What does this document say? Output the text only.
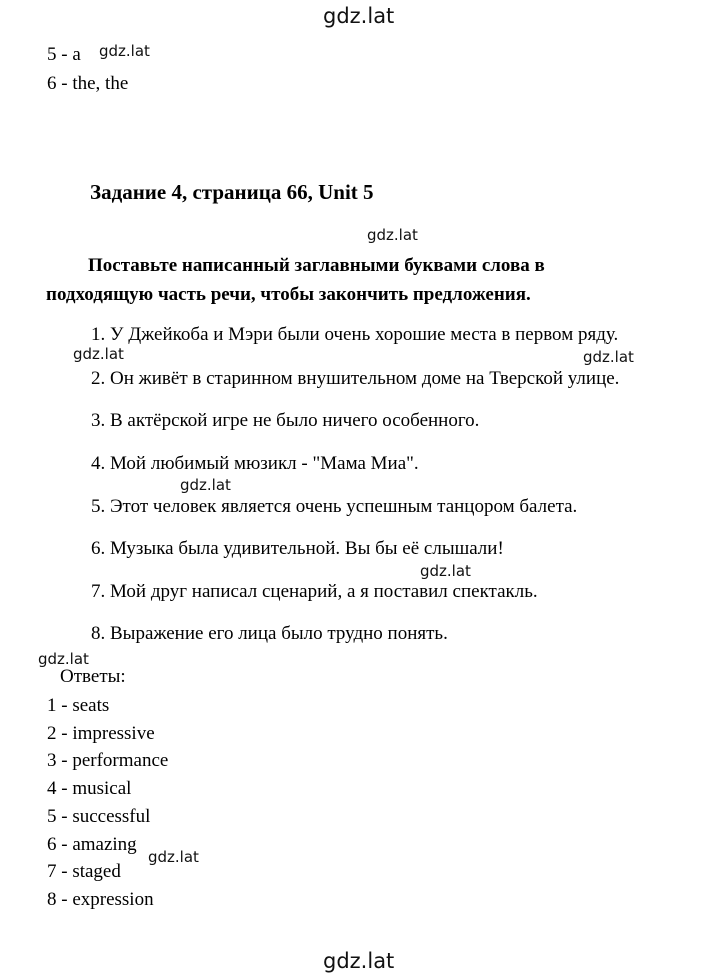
gdz.lat
gdz.lat
gdz.lat
gdz.lat	gdz.lat
gdz.lat
gdz.lat
gdz.lat
gdz.lat
gdz.lat
5 - a
6 - the, the
Задание 4, страница 66, Unit 5
Поставьте написанный заглавными буквами слова в
подходящую часть речи, чтобы закончить предложения.
1. У Джейкоба и Мэри были очень хорошие места в первом ряду.
2. Он живёт в старинном внушительном доме на Тверской улице.
3. В актёрской игре не было ничего особенного.
4. Мой любимый мюзикл - "Мама Миа".
5. Этот человек является очень успешным танцором балета.
6. Музыка была удивительной. Вы бы её слышали!
7. Мой друг написал сценарий, а я поставил спектакль.
8. Выражение его лица было трудно понять.
Ответы:
1 - seats
2 - impressive
3 - performance
4 - musical
5 - successful
6 - amazing
7 - staged
8 - expression
